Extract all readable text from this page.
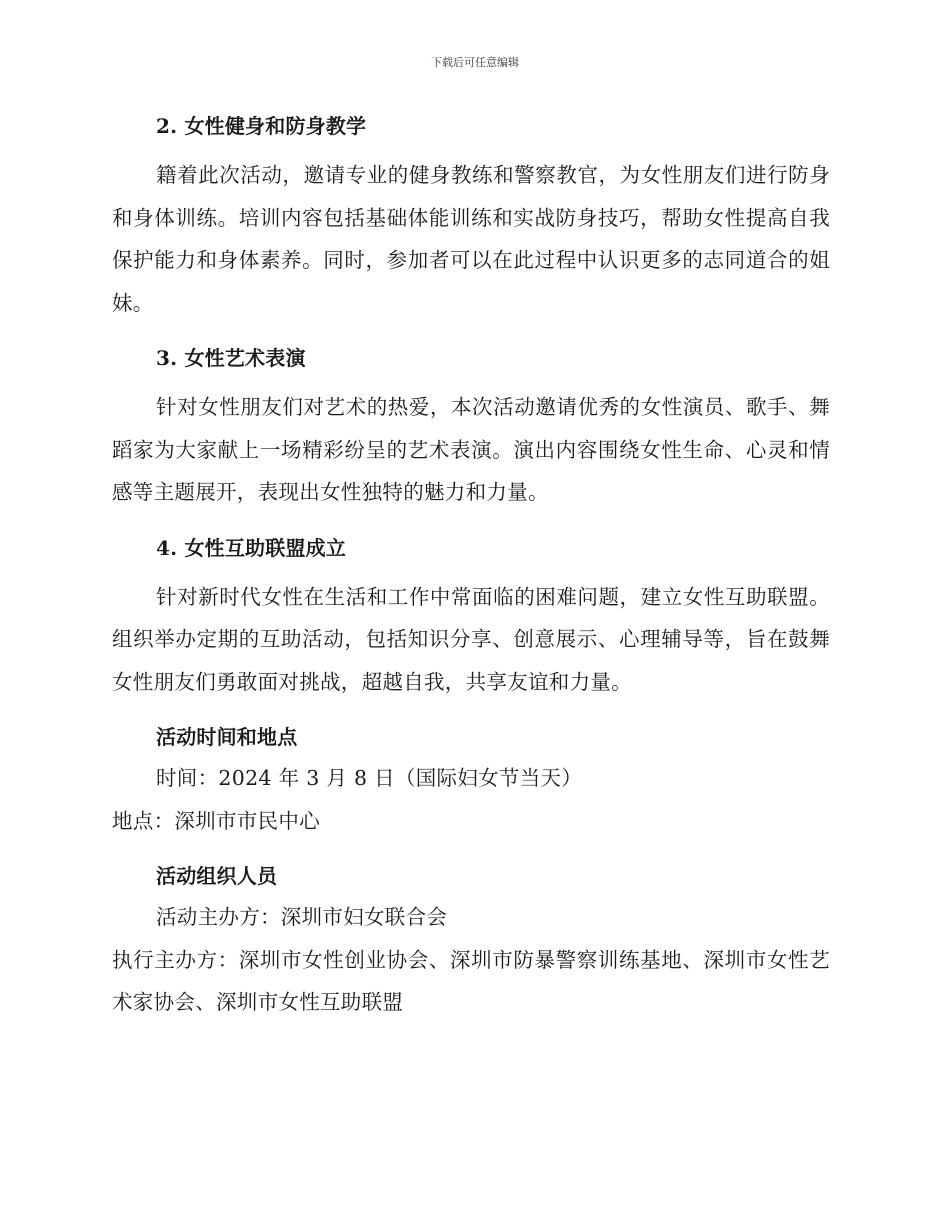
下载后可任意编辑
2. 女性健身和防身教学

籍着此次活动，邀请专业的健身教练和警察教官，为女性朋友们进行防身和身体训练。培训内容包括基础体能训练和实战防身技巧，帮助女性提高自我保护能力和身体素养。同时，参加者可以在此过程中认识更多的志同道合的姐妹。

3. 女性艺术表演

针对女性朋友们对艺术的热爱，本次活动邀请优秀的女性演员、歌手、舞蹈家为大家献上一场精彩纷呈的艺术表演。演出内容围绕女性生命、心灵和情感等主题展开，表现出女性独特的魅力和力量。

4. 女性互助联盟成立

针对新时代女性在生活和工作中常面临的困难问题，建立女性互助联盟。组织举办定期的互助活动，包括知识分享、创意展示、心理辅导等，旨在鼓舞女性朋友们勇敢面对挑战，超越自我，共享友谊和力量。

活动时间和地点

时间：2024 年 3 月 8 日（国际妇女节当天）

地点：深圳市市民中心

活动组织人员

活动主办方：深圳市妇女联合会

执行主办方：深圳市女性创业协会、深圳市防暴警察训练基地、深圳市女性艺术家协会、深圳市女性互助联盟
